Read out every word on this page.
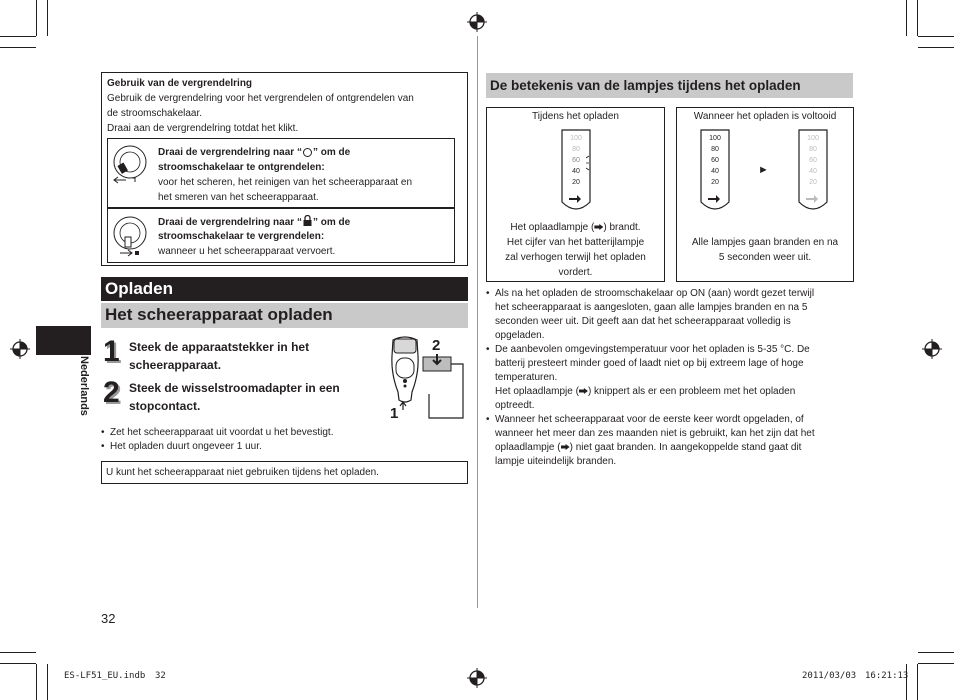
Nederlands
Gebruik van de vergrendelring
Gebruik de vergrendelring voor het vergrendelen of ontgrendelen van
de stroomschakelaar.
Draai aan de vergrendelring totdat het klikt.
Draai de vergrendelring naar “ ” om de
stroomschakelaar te ontgrendelen:
voor het scheren, het reinigen van het scheerapparaat en
het smeren van het scheerapparaat.
Draai de vergrendelring naar “ ” om de
stroomschakelaar te vergrendelen:
wanneer u het scheerapparaat vervoert.
Opladen
Het scheerapparaat opladen
1 Steek de apparaatstekker in het
scheerapparaat.
2 Steek de wisselstroomadapter in een
stopcontact.
2
1
• Zet het scheerapparaat uit voordat u het bevestigt.
• Het opladen duurt ongeveer 1 uur.
U kunt het scheerapparaat niet gebruiken tijdens het opladen.
32
De betekenis van de lampjes tijdens het opladen
Tijdens het opladen
100
80
60
40
20
Het oplaadlampje ( ) brandt.
Het cijfer van het batterijlampje
zal verhogen terwijl het opladen
vordert.
Wanneer het opladen is voltooid
100
80
60
40
20
►
100
80
60
40
20
Alle lampjes gaan branden en na
5 seconden weer uit.
• Als na het opladen de stroomschakelaar op ON (aan) wordt gezet terwijl
het scheerapparaat is aangesloten, gaan alle lampjes branden en na 5
seconden weer uit. Dit geeft aan dat het scheerapparaat volledig is
opgeladen.
• De aanbevolen omgevingstemperatuur voor het opladen is 5-35 °C. De
batterij presteert minder goed of laadt niet op bij extreem lage of hoge
temperaturen.
Het oplaadlampje ( ) knippert als er een probleem met het opladen
optreedt.
• Wanneer het scheerapparaat voor de eerste keer wordt opgeladen, of
wanneer het meer dan zes maanden niet is gebruikt, kan het zijn dat het
oplaadlampje ( ) niet gaat branden. In aangekoppelde stand gaat dit
lampje uiteindelijk branden.
ES-LF51_EU.indb 32	2011/03/03 16:21:13
